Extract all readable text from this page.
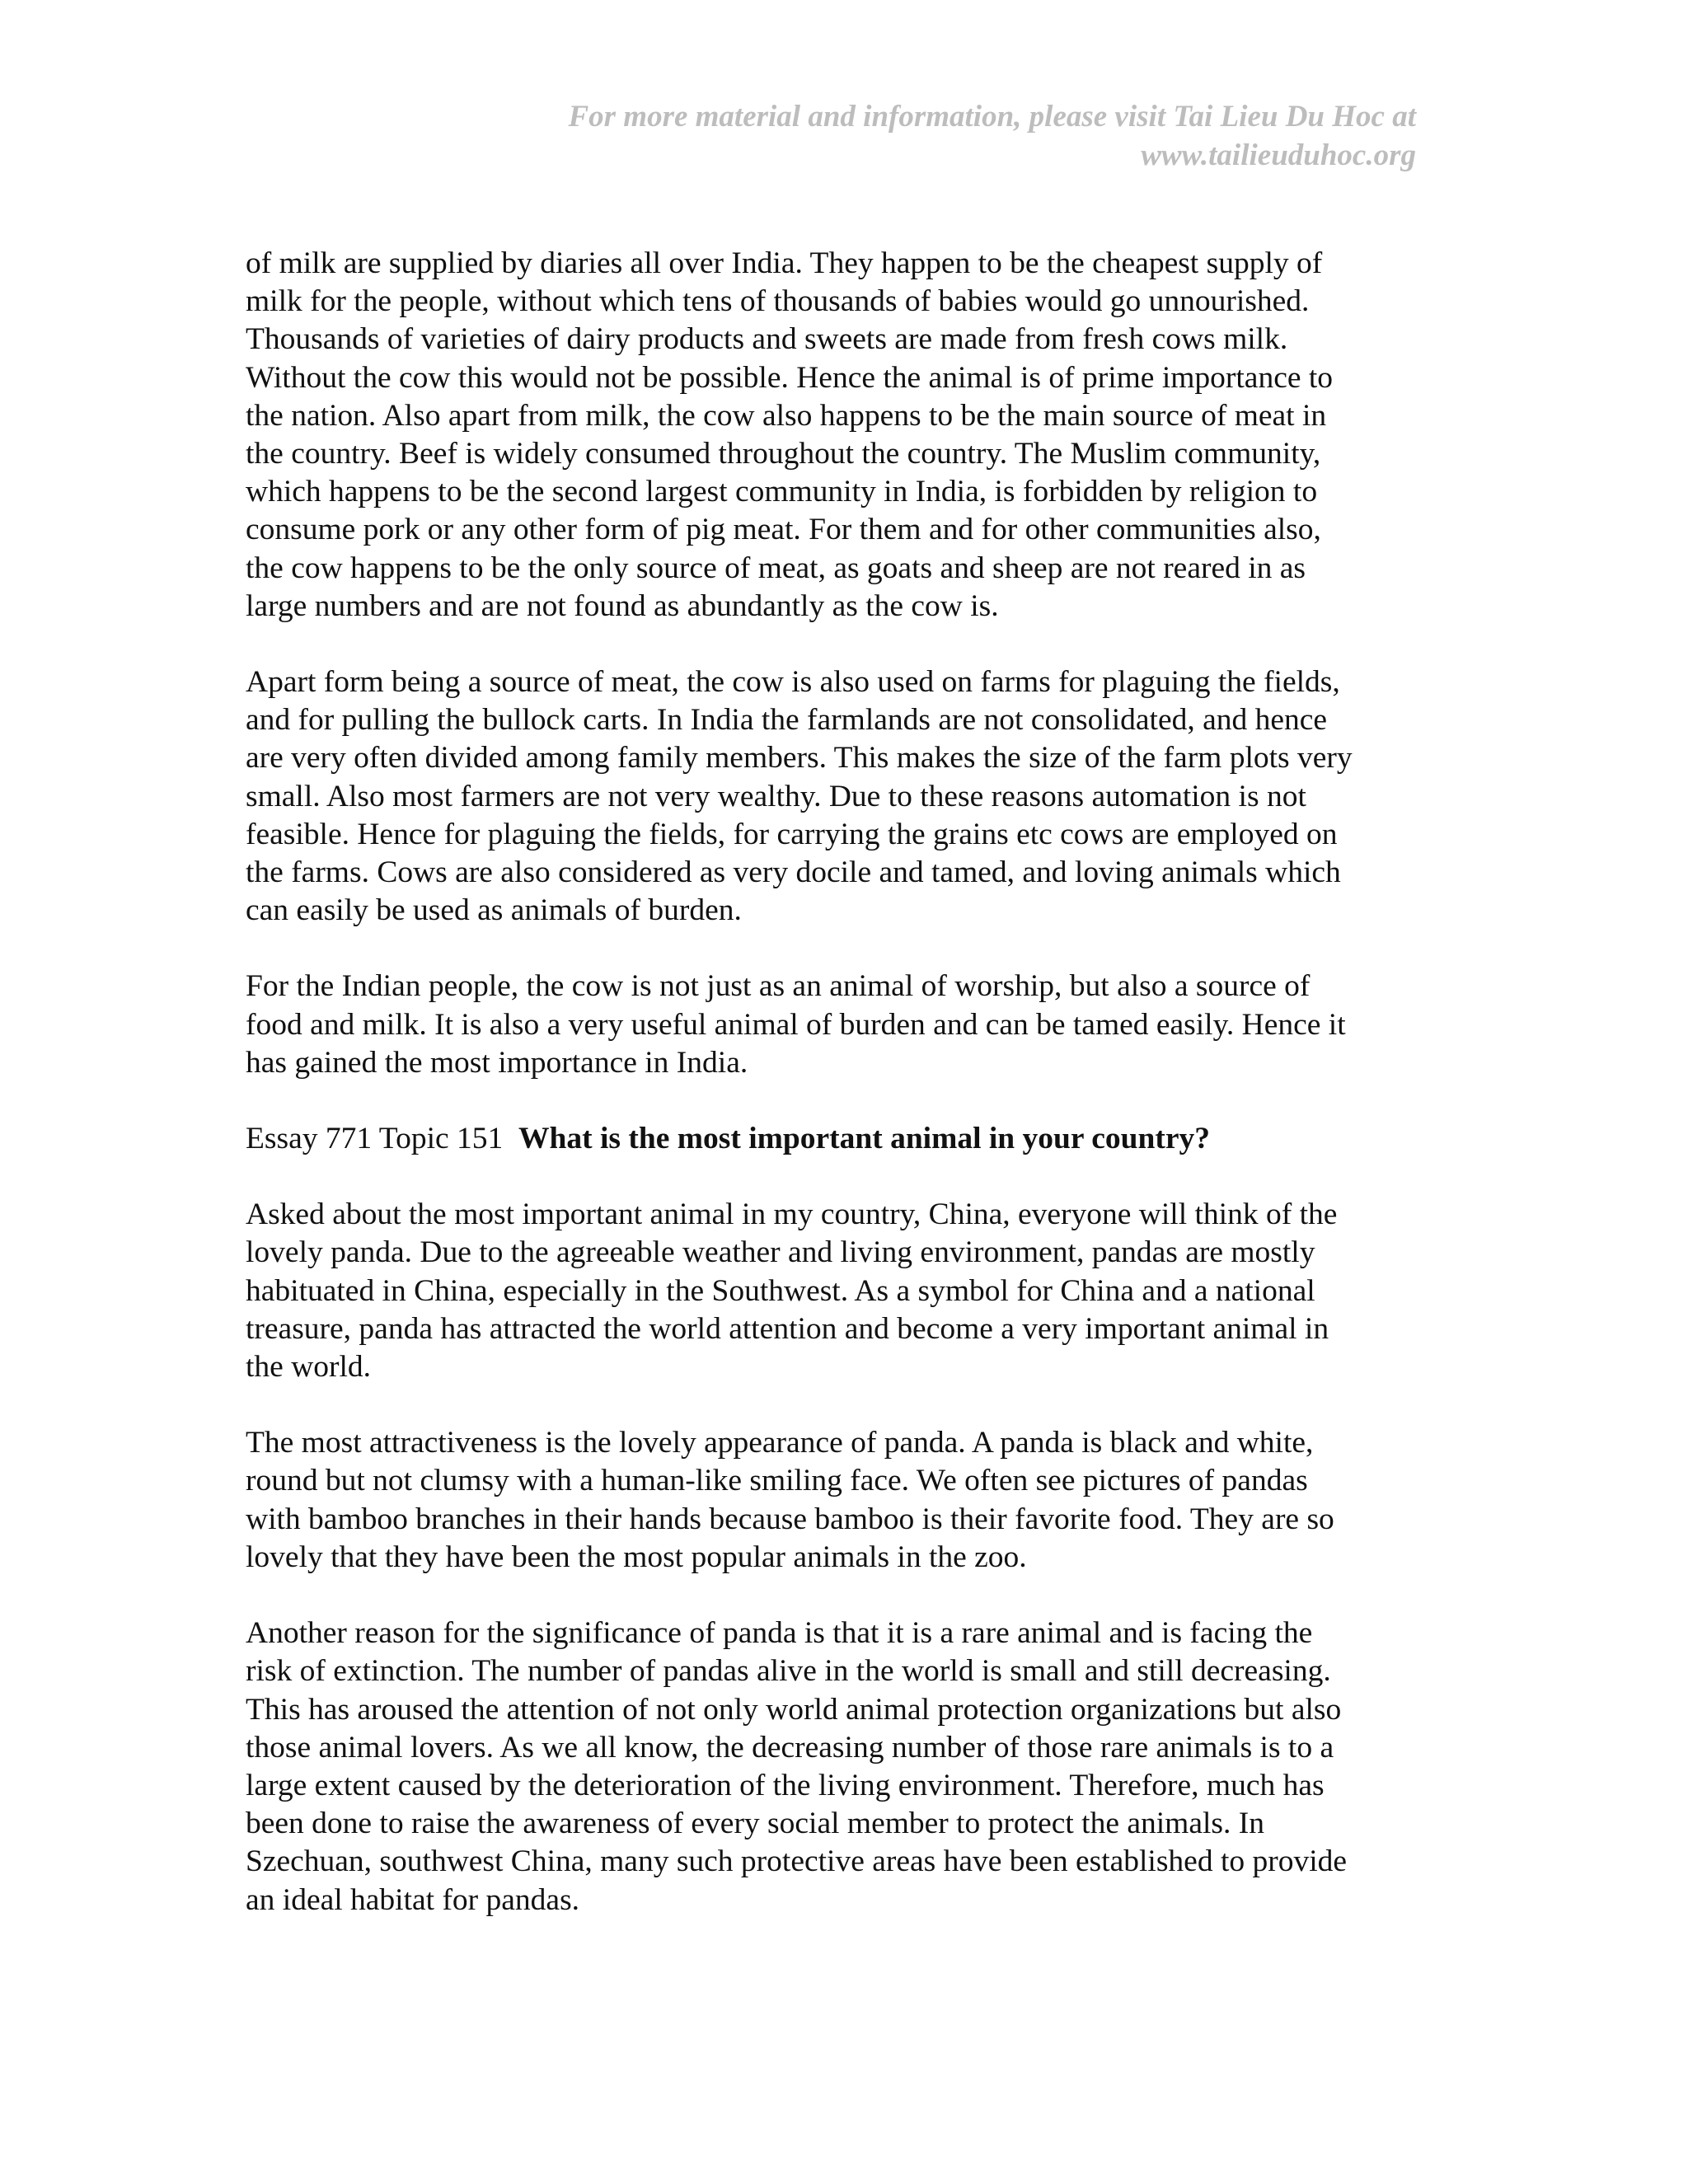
For more material and information, please visit Tai Lieu Du Hoc at
www.tailieuduhoc.org
of milk are supplied by diaries all over India. They happen to be the cheapest supply of
milk for the people, without which tens of thousands of babies would go unnourished.
Thousands of varieties of dairy products and sweets are made from fresh cows milk.
Without the cow this would not be possible. Hence the animal is of prime importance to
the nation. Also apart from milk, the cow also happens to be the main source of meat in
the country. Beef is widely consumed throughout the country. The Muslim community,
which happens to be the second largest community in India, is forbidden by religion to
consume pork or any other form of pig meat. For them and for other communities also,
the cow happens to be the only source of meat, as goats and sheep are not reared in as
large numbers and are not found as abundantly as the cow is.
Apart form being a source of meat, the cow is also used on farms for plaguing the fields,
and for pulling the bullock carts. In India the farmlands are not consolidated, and hence
are very often divided among family members. This makes the size of the farm plots very
small. Also most farmers are not very wealthy. Due to these reasons automation is not
feasible. Hence for plaguing the fields, for carrying the grains etc cows are employed on
the farms. Cows are also considered as very docile and tamed, and loving animals which
can easily be used as animals of burden.
For the Indian people, the cow is not just as an animal of worship, but also a source of
food and milk. It is also a very useful animal of burden and can be tamed easily. Hence it
has gained the most importance in India.
Essay 771 Topic 151 What is the most important animal in your country?
Asked about the most important animal in my country, China, everyone will think of the
lovely panda. Due to the agreeable weather and living environment, pandas are mostly
habituated in China, especially in the Southwest. As a symbol for China and a national
treasure, panda has attracted the world attention and become a very important animal in
the world.
The most attractiveness is the lovely appearance of panda. A panda is black and white,
round but not clumsy with a human-like smiling face. We often see pictures of pandas
with bamboo branches in their hands because bamboo is their favorite food. They are so
lovely that they have been the most popular animals in the zoo.
Another reason for the significance of panda is that it is a rare animal and is facing the
risk of extinction. The number of pandas alive in the world is small and still decreasing.
This has aroused the attention of not only world animal protection organizations but also
those animal lovers. As we all know, the decreasing number of those rare animals is to a
large extent caused by the deterioration of the living environment. Therefore, much has
been done to raise the awareness of every social member to protect the animals. In
Szechuan, southwest China, many such protective areas have been established to provide
an ideal habitat for pandas.
